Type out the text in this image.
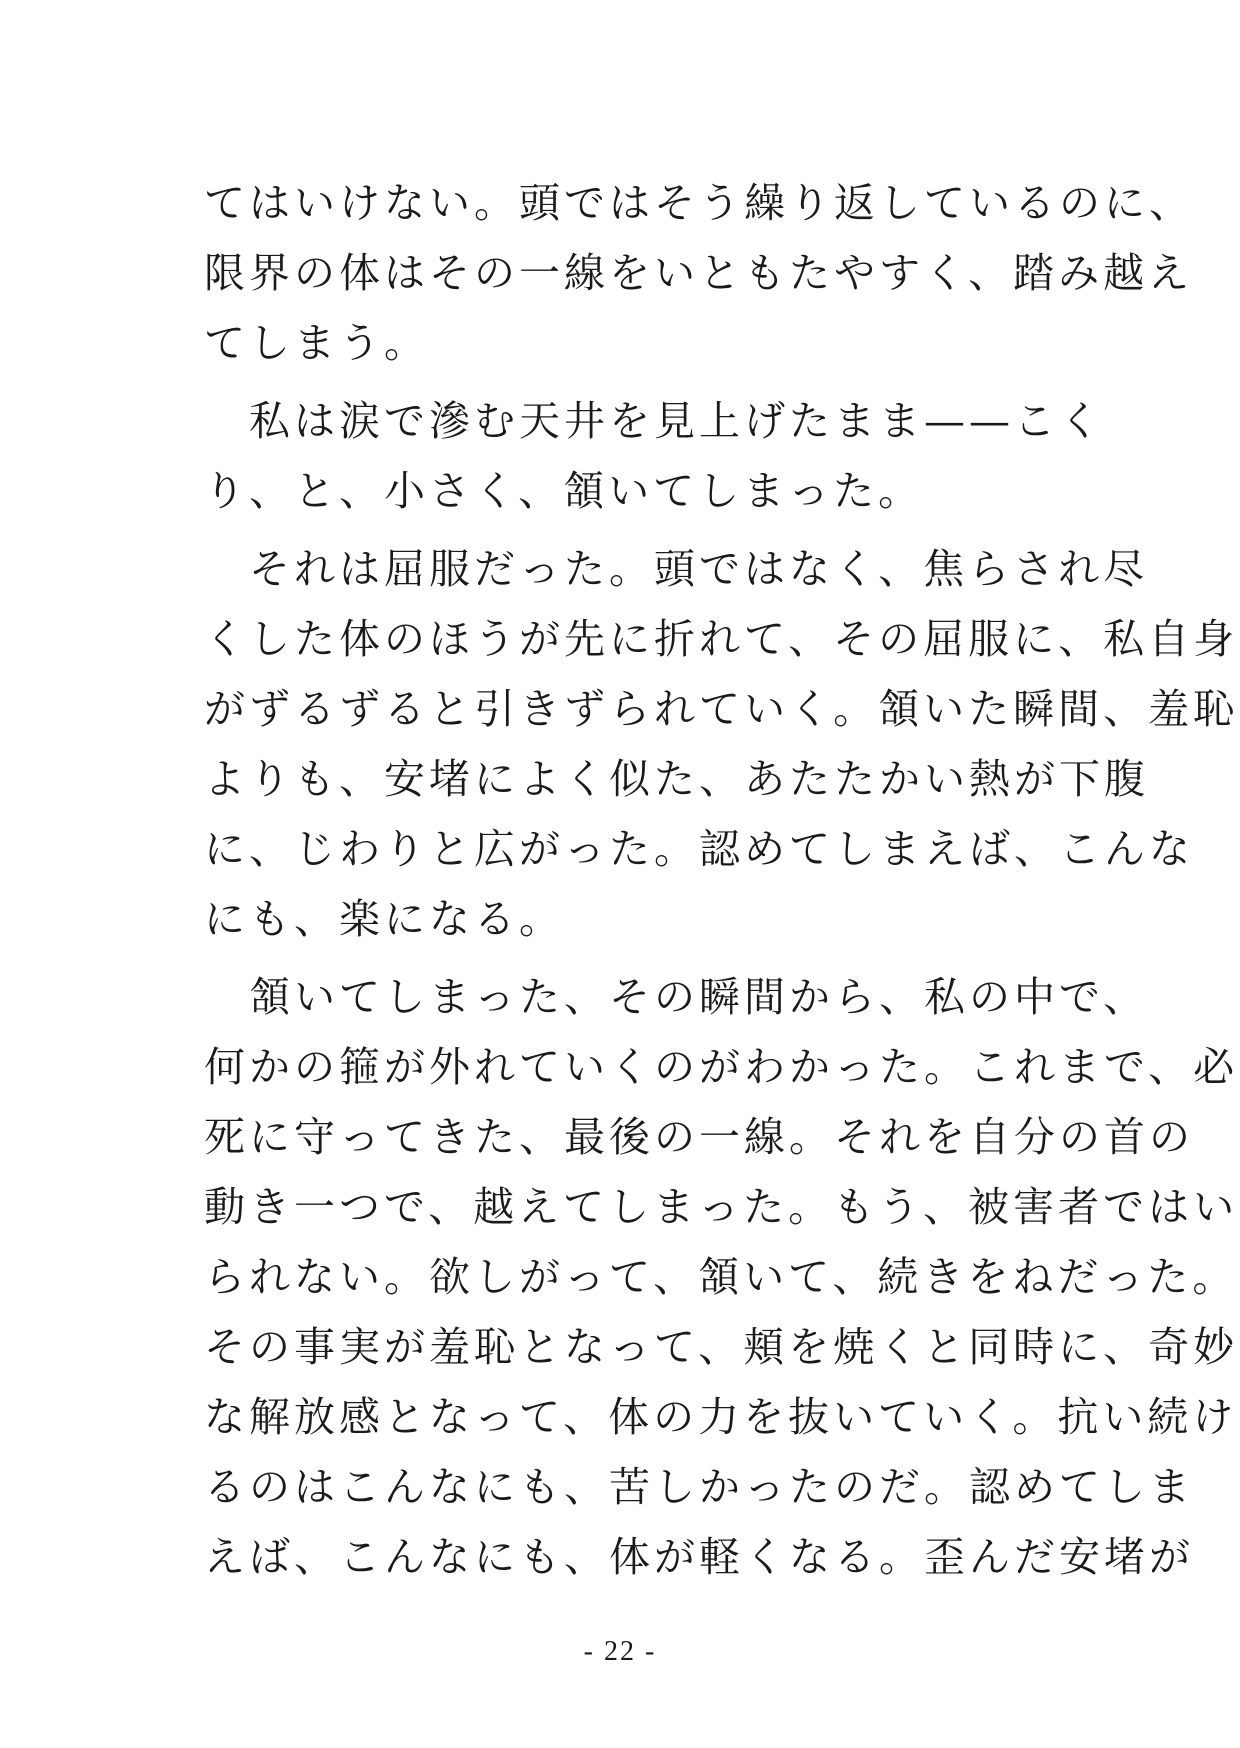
てはいけない。頭ではそう繰り返しているのに、
限界の体はその一線をいともたやすく、踏み越え
てしまう。
　私は涙で滲む天井を見上げたまま——こく
り、と、小さく、頷いてしまった。
　それは屈服だった。頭ではなく、焦らされ尽
くした体のほうが先に折れて、その屈服に、私自身
がずるずると引きずられていく。頷いた瞬間、羞恥
よりも、安堵によく似た、あたたかい熱が下腹
に、じわりと広がった。認めてしまえば、こんな
にも、楽になる。
　頷いてしまった、その瞬間から、私の中で、
何かの箍が外れていくのがわかった。これまで、必
死に守ってきた、最後の一線。それを自分の首の
動き一つで、越えてしまった。もう、被害者ではい
られない。欲しがって、頷いて、続きをねだった。
その事実が羞恥となって、頬を焼くと同時に、奇妙
な解放感となって、体の力を抜いていく。抗い続け
るのはこんなにも、苦しかったのだ。認めてしま
えば、こんなにも、体が軽くなる。歪んだ安堵が
- 22 -
